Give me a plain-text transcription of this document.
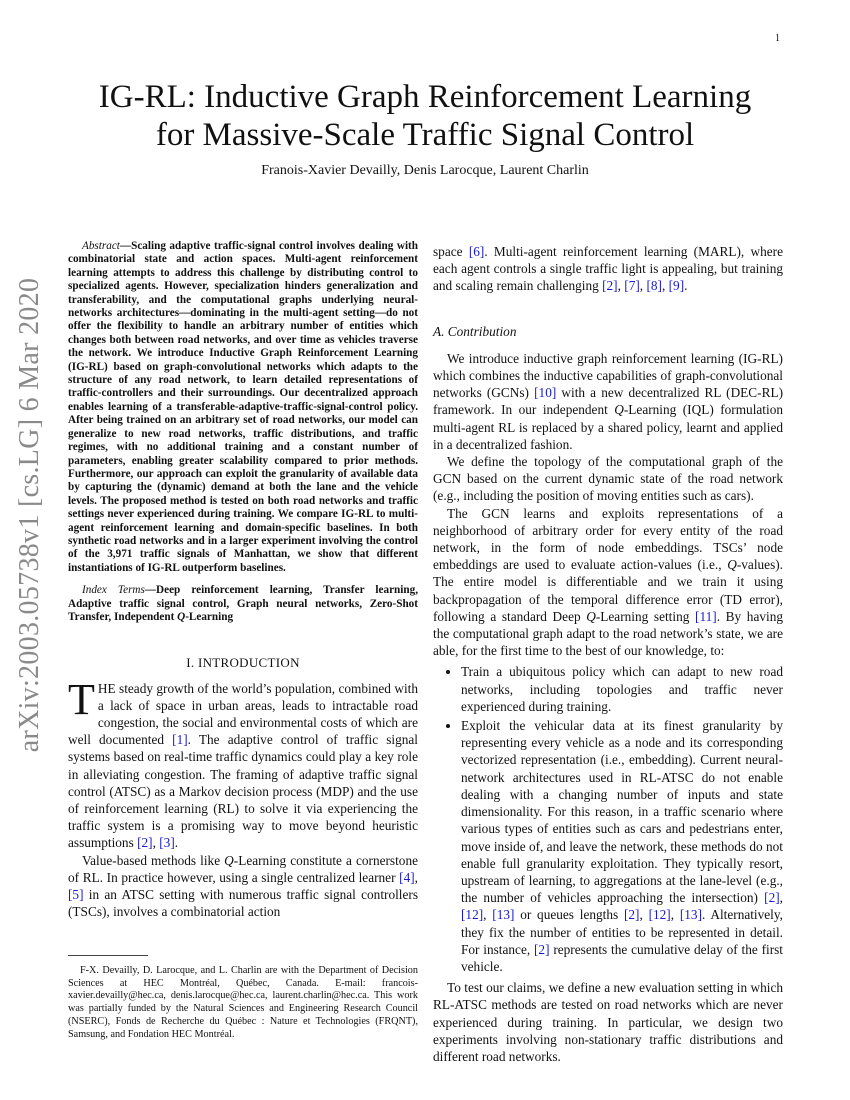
1
arXiv:2003.05738v1 [cs.LG] 6 Mar 2020
IG-RL: Inductive Graph Reinforcement Learning
for Massive-Scale Traffic Signal Control
Franois-Xavier Devailly, Denis Larocque, Laurent Charlin

Abstract—Scaling adaptive traffic-signal control involves dealing with combinatorial state and action spaces. Multi-agent reinforcement learning attempts to address this challenge by distributing control to specialized agents. However, specialization hinders generalization and transferability, and the computational graphs underlying neural-networks architectures—dominating in the multi-agent setting—do not offer the flexibility to handle an arbitrary number of entities which changes both between road networks, and over time as vehicles traverse the network. We introduce Inductive Graph Reinforcement Learning (IG-RL) based on graph-convolutional networks which adapts to the structure of any road network, to learn detailed representations of traffic-controllers and their surroundings. Our decentralized approach enables learning of a transferable-adaptive-traffic-signal-control policy. After being trained on an arbitrary set of road networks, our model can generalize to new road networks, traffic distributions, and traffic regimes, with no additional training and a constant number of parameters, enabling greater scalability compared to prior methods. Furthermore, our approach can exploit the granularity of available data by capturing the (dynamic) demand at both the lane and the vehicle levels. The proposed method is tested on both road networks and traffic settings never experienced during training. We compare IG-RL to multi-agent reinforcement learning and domain-specific baselines. In both synthetic road networks and in a larger experiment involving the control of the 3,971 traffic signals of Manhattan, we show that different instantiations of IG-RL outperform baselines.

Index Terms—Deep reinforcement learning, Transfer learning, Adaptive traffic signal control, Graph neural networks, Zero-Shot Transfer, Independent Q-Learning

I. INTRODUCTION

THE steady growth of the world’s population, combined with a lack of space in urban areas, leads to intractable road congestion, the social and environmental costs of which are well documented [1]. The adaptive control of traffic signal systems based on real-time traffic dynamics could play a key role in alleviating congestion. The framing of adaptive traffic signal control (ATSC) as a Markov decision process (MDP) and the use of reinforcement learning (RL) to solve it via experiencing the traffic system is a promising way to move beyond heuristic assumptions [2], [3].

Value-based methods like Q-Learning constitute a cornerstone of RL. In practice however, using a single centralized learner [4], [5] in an ATSC setting with numerous traffic signal controllers (TSCs), involves a combinatorial action

F-X. Devailly, D. Larocque, and L. Charlin are with the Department of Decision Sciences at HEC Montréal, Québec, Canada. E-mail: francois-xavier.devailly@hec.ca, denis.larocque@hec.ca, laurent.charlin@hec.ca. This work was partially funded by the Natural Sciences and Engineering Research Council (NSERC), Fonds de Recherche du Québec : Nature et Technologies (FRQNT), Samsung, and Fondation HEC Montréal.

space [6]. Multi-agent reinforcement learning (MARL), where each agent controls a single traffic light is appealing, but training and scaling remain challenging [2], [7], [8], [9].

A. Contribution

We introduce inductive graph reinforcement learning (IG-RL) which combines the inductive capabilities of graph-convolutional networks (GCNs) [10] with a new decentralized RL (DEC-RL) framework. In our independent Q-Learning (IQL) formulation multi-agent RL is replaced by a shared policy, learnt and applied in a decentralized fashion.

We define the topology of the computational graph of the GCN based on the current dynamic state of the road network (e.g., including the position of moving entities such as cars).

The GCN learns and exploits representations of a neighborhood of arbitrary order for every entity of the road network, in the form of node embeddings. TSCs’ node embeddings are used to evaluate action-values (i.e., Q-values). The entire model is differentiable and we train it using backpropagation of the temporal difference error (TD error), following a standard Deep Q-Learning setting [11]. By having the computational graph adapt to the road network’s state, we are able, for the first time to the best of our knowledge, to:

• Train a ubiquitous policy which can adapt to new road networks, including topologies and traffic never experienced during training.
• Exploit the vehicular data at its finest granularity by representing every vehicle as a node and its corresponding vectorized representation (i.e., embedding). Current neural-network architectures used in RL-ATSC do not enable dealing with a changing number of inputs and state dimensionality. For this reason, in a traffic scenario where various types of entities such as cars and pedestrians enter, move inside of, and leave the network, these methods do not enable full granularity exploitation. They typically resort, upstream of learning, to aggregations at the lane-level (e.g., the number of vehicles approaching the intersection) [2], [12], [13] or queues lengths [2], [12], [13]. Alternatively, they fix the number of entities to be represented in detail. For instance, [2] represents the cumulative delay of the first vehicle.

To test our claims, we define a new evaluation setting in which RL-ATSC methods are tested on road networks which are never experienced during training. In particular, we design two experiments involving non-stationary traffic distributions and different road networks.
